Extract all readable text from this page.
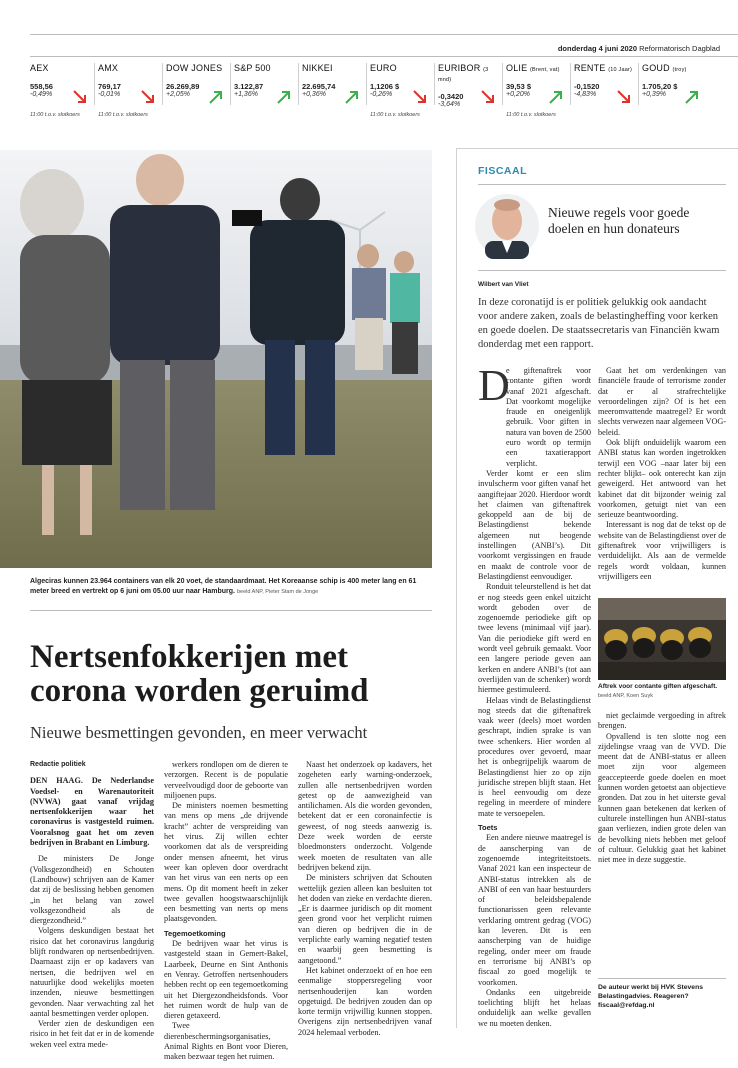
donderdag 4 juni 2020 Reformatorisch Dagblad
AEX
558,56
-0,49%
11:00 t.o.v. slotkoers
AMX
769,17
-0,01%
11:00 t.o.v. slotkoers
DOW JONES
26.269,89
+2,05%
S&P 500
3.122,87
+1,36%
NIKKEI
22.695,74
+0,36%
EURO
1,1206 $
-0,26%
11:00 t.o.v. slotkoers
EURIBOR (3 mnd)
-0,3420
-3,64%
OLIE (Brent, vat)
39,53 $
+0,20%
11:00 t.o.v. slotkoers
RENTE (10 Jaar)
-0,1520
-4,83%
GOUD (troy)
1.705,20 $
+0,39%
Algeciras kunnen 23.964 containers van elk 20 voet, de standaardmaat. Het Koreaanse schip is 400 meter lang en 61 meter breed en vertrekt op 6 juni om 05.00 uur naar Hamburg. beeld ANP, Pieter Stam de Jonge
Nertsenfokkerijen met corona worden geruimd
Nieuwe besmettingen gevonden, en meer verwacht

Redactie politiek

DEN HAAG. De Nederlandse Voedsel- en Warenautoriteit (NVWA) gaat vanaf vrijdag nertsenfokkerijen waar het coronavirus is vastgesteld ruimen. Vooralsnog gaat het om zeven bedrijven in Brabant en Limburg.

De ministers De Jonge (Volksgezondheid) en Schouten (Landbouw) schrijven aan de Kamer dat zij de beslissing hebben genomen „in het belang van zowel volksgezondheid als de diergezondheid.”

Volgens deskundigen bestaat het risico dat het coronavirus langdurig blijft rondwaren op nertsenbedrijven. Daarnaast zijn er op kadavers van nertsen, die bedrijven wel en natuurlijke dood wekelijks moeten inzenden, nieuwe besmettingen gevonden. Naar verwachting zal het aantal besmettingen verder oplopen.

Verder zien de deskundigen een risico in het feit dat er in de komende weken veel extra mede-

werkers rondlopen om de dieren te verzorgen. Recent is de populatie verveelvoudigd door de geboorte van miljoenen pups.

De ministers noemen besmetting van mens op mens „de drijvende kracht” achter de verspreiding van het virus. Zij willen echter voorkomen dat als de verspreiding onder mensen afneemt, het virus weer kan opleven door overdracht van het virus van een nerts op een mens. Op dit moment heeft in zeker twee gevallen hoogstwaarschijnlijk een besmetting van nerts op mens plaatsgevonden.

Tegemoetkoming

De bedrijven waar het virus is vastgesteld staan in Gemert-Bakel, Laarbeek, Deurne en Sint Anthonis en Venray. Getroffen nertsenhouders hebben recht op een tegemoetkoming uit het Diergezondheidsfonds. Voor het ruimen wordt de hulp van de dieren getaxeerd.

Twee dierenbeschermingsorganisaties, Animal Rights en Bont voor Dieren, maken bezwaar tegen het ruimen.

Naast het onderzoek op kadavers, het zogeheten early warning-onderzoek, zullen alle nertsenbedrijven worden getest op de aanwezigheid van antilichamen. Als die worden gevonden, betekent dat er een coronainfectie is geweest, of nog steeds aanwezig is. Deze week worden de eerste bloedmonsters onderzocht. Volgende week moeten de resultaten van alle bedrijven bekend zijn.

De ministers schrijven dat Schouten wettelijk gezien alleen kan besluiten tot het doden van zieke en verdachte dieren. „Er is daarmee juridisch op dit moment geen grond voor het verplicht ruimen van dieren op bedrijven die in de verplichte early warning negatief testen en waarbij geen besmetting is aangetoond.”

Het kabinet onderzoekt of en hoe een eenmalige stoppersregeling voor nertsenhouderijen kan worden opgetuigd. De bedrijven zouden dan op korte termijn vrijwillig kunnen stoppen. Overigens zijn nertsenbedrijven vanaf 2024 helemaal verboden.

FISCAAL
Nieuwe regels voor goede doelen en hun donateurs
Wilbert van Vliet
In deze coronatijd is er politiek gelukkig ook aandacht voor andere zaken, zoals de belastingheffing voor kerken en goede doelen. De staatssecretaris van Financiën kwam donderdag met een rapport.
D

e giftenaftrek voor contante giften wordt vanaf 2021 afgeschaft. Dat voorkomt mogelijke fraude en oneigenlijk gebruik. Voor giften in natura van boven de 2500 euro wordt op termijn een taxatierapport verplicht.

Verder komt er een slim invulscherm voor giften vanaf het aangiftejaar 2020. Hierdoor wordt het claimen van giftenaftrek gekoppeld aan de bij de Belastingdienst bekende algemeen nut beogende instellingen (ANBI’s). Dit voorkomt vergissingen en fraude en maakt de controle voor de Belastingdienst eenvoudiger.

Ronduit teleurstellend is het dat er nog steeds geen enkel uitzicht wordt geboden over de zogenoemde periodieke gift op twee levens (minimaal vijf jaar). Van die periodieke gift werd en wordt veel gebruik gemaakt. Voor een langere periode geven aan kerken en andere ANBI’s (tot aan overlijden van de schenker) wordt hiermee gestimuleerd.

Helaas vindt de Belastingdienst nog steeds dat die giftenaftrek vaak weer (deels) moet worden geschrapt, indien sprake is van twee schenkers. Hier worden al procedures over gevoerd, maar het is onbegrijpelijk waarom de Belastingdienst hier zo op zijn juridische strepen blijft staan. Het is heel eenvoudig om deze regeling in meerdere of mindere mate te versoepelen.

Toets

Een andere nieuwe maatregel is de aanscherping van de zogenoemde integriteitstoets. Vanaf 2021 kan een inspecteur de ANBI-status intrekken als de ANBI of een van haar bestuurders of beleidsbepalende functionarissen geen relevante verklaring omtrent gedrag (VOG) kan leveren. Dit is een aanscherping van de huidige regeling, onder meer om fraude en terrorisme bij ANBI’s op fiscaal zo goed mogelijk te voorkomen.

Ondanks een uitgebreide toelichting blijft het helaas onduidelijk aan welke gevallen we nu moeten denken.

Gaat het om verdenkingen van financiële fraude of terrorisme zonder dat er al strafrechtelijke veroordelingen zijn? Of is het een meeromvattende maatregel? Er wordt slechts verwezen naar algemeen VOG-beleid.

Ook blijft onduidelijk waarom een ANBI status kan worden ingetrokken terwijl een VOG –naar later bij een rechter blijkt– ook onterecht kan zijn geweigerd. Het antwoord van het kabinet dat dit bijzonder weinig zal voorkomen, getuigt niet van een serieuze beantwoording.

Interessant is nog dat de tekst op de website van de Belastingdienst over de giftenaftrek voor vrijwilligers is verduidelijkt. Als aan de vermelde regels wordt voldaan, kunnen vrijwilligers een

Aftrek voor contante giften afgeschaft. beeld ANP, Koen Suyk

niet geclaimde vergoeding in aftrek brengen.

Opvallend is ten slotte nog een zijdelingse vraag van de VVD. Die meent dat de ANBI-status er alleen moet zijn voor algemeen geaccepteerde goede doelen en moet kunnen worden getoetst aan objectieve gronden. Dat zou in het uiterste geval kunnen gaan betekenen dat kerken of culturele instellingen hun ANBI-status gaan verliezen, indien grote delen van de bevolking niets hebben met geloof of cultuur. Gelukkig gaat het kabinet niet mee in deze suggestie.

De auteur werkt bij HVK Stevens Belastingadvies. Reageren? fiscaal@refdag.nl
